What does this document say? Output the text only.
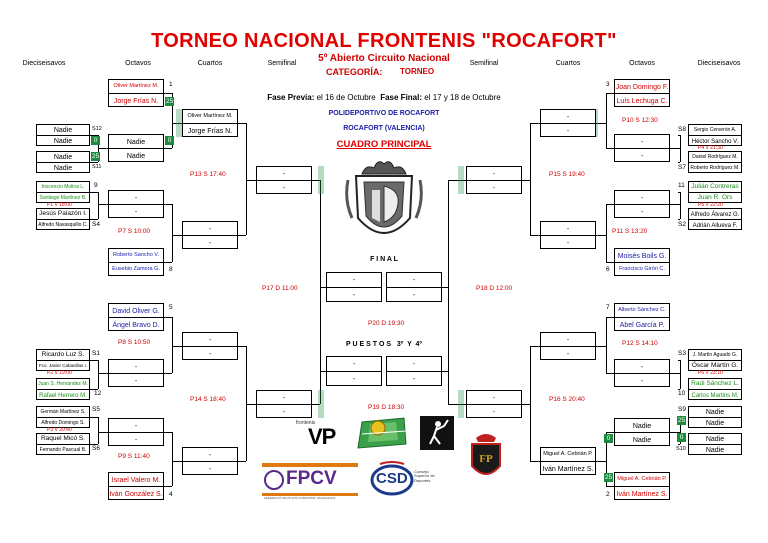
TORNEO NACIONAL FRONTENIS "ROCAFORT"
5º Abierto Circuito Nacional
CATEGORÍA: TORNEO
Dieciseisavos	Octavos	Cuartos	Semifinal	Semifinal	Cuartos	Octavos	Dieciseisavos
Fase Previa: el 16 de Octubre Fase Final: el 17 y 18 de Octubre
POLIDEPORTIVO DE ROCAFORT
ROCAFORT (VALENCIA)
CUADRO PRINCIPAL
F I N A L
P U E S T O S   3º  Y  4º
Oliver Martínez M.
Jorge Frías N.
1
25
Oliver Martínez M.
Jorge Frías N.
Nadie
Nadie
S12
0	Nadie
Nadie
0
Nadie
Nadie
25
S11
-
-
P13 S 17:40
Inocencio Molina L.
Santiago Martínez B.
9
P1 V 18:00
-
-
Jesús Palazón I.
Alfredo Navasquillo C. S4
-
-
P7 S 10:00
Roberto Sancho V.
Eusebio Zamora G.	8
-
-
-
-
P17 D 11:00	P18 D 12:00
P20 D 19:30
-
-
-
-
P19 D 18:30
David Oliver G.
Ángel Bravo D.
5
-
-
P8 S 10:50
Ricardo Luz S.
Fco. Javier Cabanillas I.
S1
P2 V 19:00
-
-
Juan S. Hernández M.
Rafael Herrero M.	12
-
-
P14 S 18:40
Germán Martínez S.
Alfredo Domingo S.
S5
P3 V 20:40
-
-
Raquel Micó S.
Fernando Pascual B. S6
-
-
P9 S 11:40
Israel Valero M.
Iván González S. 4
Joan Domingo F.
Luís Lechuga C.
3
-
-
P10 S 12:30
Sergio Cerverón A.
Héctor Sancho V.
S8
P4 V 21:30
-
-	Daniel Rodríguez M.
Roberto Rodríguez M.
S7
-
-
P15 S 19:40
Julián Contreras
Juan R. Ors
11
P5 V 22:20
-
-	Alfredo Álvarez G.
Adrián Allueva F.
S2
-
-
P11 S 13:20
Moisés Boils G.
Francisco Girón C.
6
Alberto Sánchez C.
Abel García P.
7
-
-
P12 S 14:10
J. Martín Aguado G.
Óscar Martín G.
S3
P6 V 23:10
-
-	Raúl Sánchez L.
Carlos Martins M.
10
-
-
P16 S 20:40
Nadie
Nadie
S9
25
Nadie
Nadie
0	Nadie
Nadie
0
S10
Miguel A. Cebrián P.
Iván Martínez S.
Miguel A. Cebrián P.
Iván Martínez S.
25
2
frontenis
VP
FP
FPCV
FEDERACIÓ DE PILOTA COMUNITAT VALENCIANA
CSD Consejo Superior de Deportes
